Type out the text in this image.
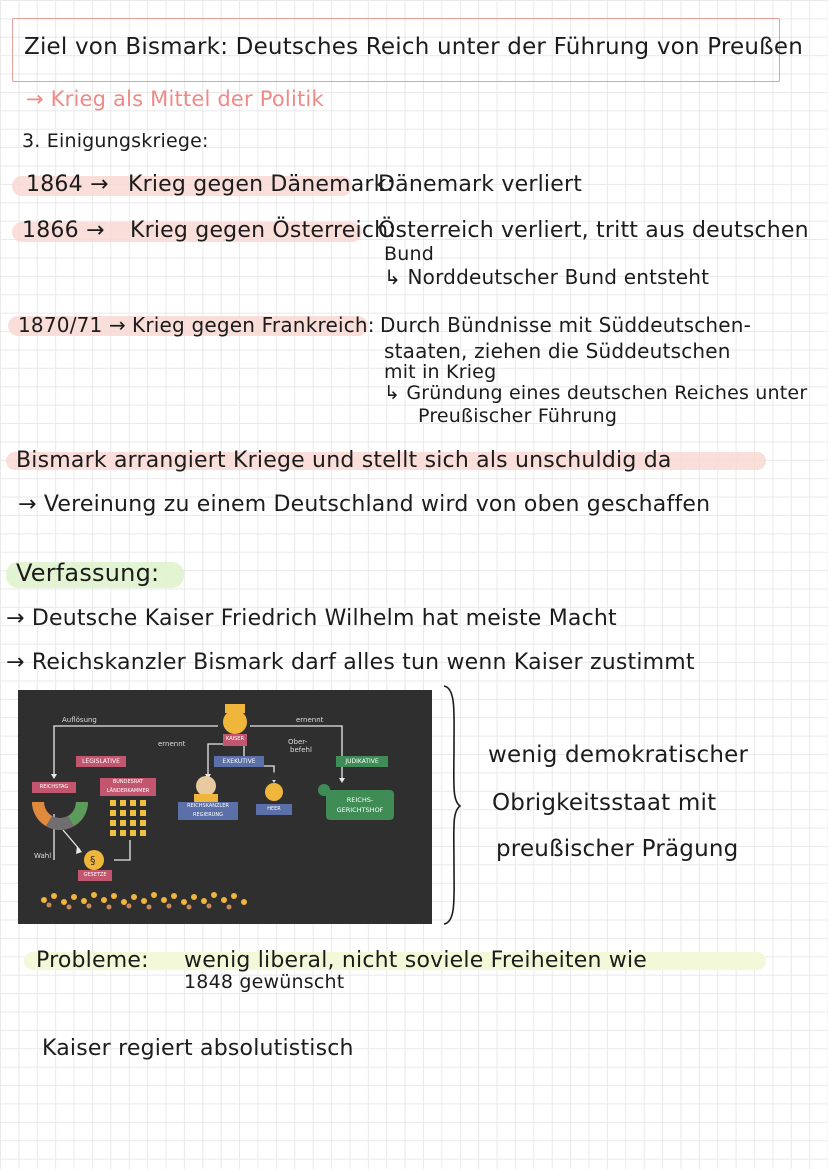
Ziel von Bismark: Deutsches Reich unter der Führung von Preußen
→ Krieg als Mittel der Politik
3. Einigungskriege:
1864 → Krieg gegen Dänemark:
Dänemark verliert
1866 → Krieg gegen Österreich:
Österreich verliert, tritt aus deutschen
Bund
↳ Norddeutscher Bund entsteht
1870/71 → Krieg gegen Frankreich: Durch Bündnisse mit Süddeutschen-
staaten, ziehen die Süddeutschen
mit in Krieg
↳ Gründung eines deutschen Reiches unter
Preußischer Führung
Bismark arrangiert Kriege und stellt sich als unschuldig da
→ Vereinung zu einem Deutschland wird von oben geschaffen
Verfassung:
→ Deutsche Kaiser Friedrich Wilhelm hat meiste Macht
→ Reichskanzler Bismark darf alles tun wenn Kaiser zustimmt
§
Auflösung
ernennt
ernennt
Ober-
befehl
KAISER
LEGISLATIVE	EXEKUTIVE	JUDIKATIVE
REICHSTAG
BUNDESRAT
LÄNDERKAMMER
REICHSKANZLER
REGIERUNG
HEER
REICHS-
GERICHTSHOF
Wahl
GESETZE
wenig demokratischer
Obrigkeitsstaat mit
preußischer Prägung
Probleme: wenig liberal, nicht soviele Freiheiten wie
1848 gewünscht
Kaiser regiert absolutistisch
